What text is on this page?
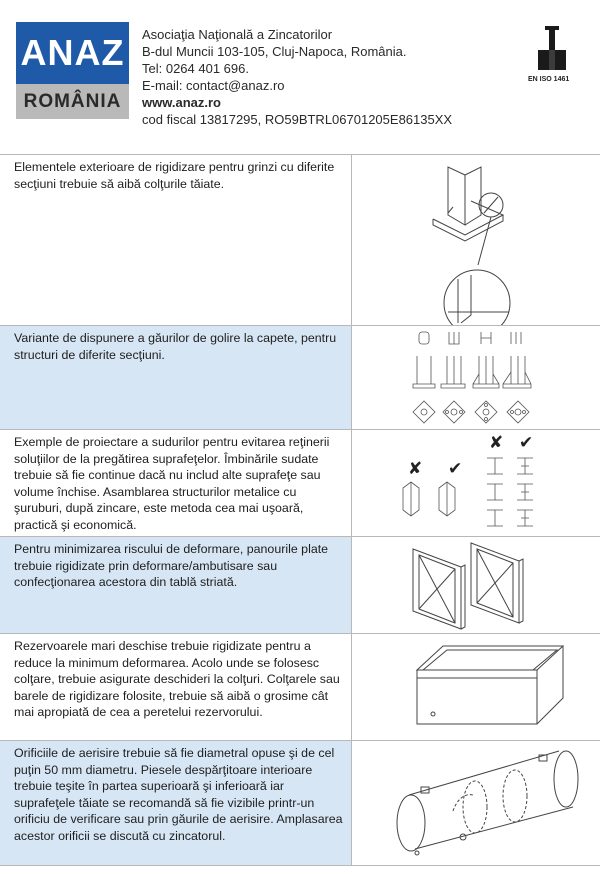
ANAZ
ROMÂNIA
Asociaţia Naţională a Zincatorilor
B-dul Muncii 103-105, Cluj-Napoca, România.
Tel: 0264 401 696.
E-mail: contact@anaz.ro
www.anaz.ro
cod fiscal 13817295, RO59BTRL06701205E86135XX
EN ISO 1461

Elementele exterioare de rigidizare pentru grinzi cu diferite secţiuni trebuie să aibă colţurile tăiate.

Variante de dispunere a găurilor de golire la capete, pentru structuri de diferite secţiuni.

Exemple de proiectare a sudurilor pentru evitarea reţinerii soluţiilor de la pregătirea suprafeţelor. Îmbinările sudate trebuie să fie continue dacă nu includ alte suprafeţe sau volume închise. Asamblarea structurilor metalice cu şuruburi, după zincare, este metoda cea mai uşoară, practică şi economică.

✘ ✔
✘ ✔

Pentru minimizarea riscului de deformare, panourile plate trebuie rigidizate prin deformare/ambutisare sau confecţionarea acestora din tablă striată.

Rezervoarele mari deschise trebuie rigidizate pentru a reduce la minimum deformarea. Acolo unde se folosesc colţare, trebuie asigurate deschideri la colţuri. Colţarele sau barele de rigidizare folosite, trebuie să aibă o grosime cât mai apropiată de cea a peretelui rezervorului.

Orificiile de aerisire trebuie să fie diametral opuse şi de cel puţin 50 mm diametru. Piesele despărţitoare interioare trebuie teşite în partea superioară şi inferioară iar suprafeţele tăiate se recomandă să fie vizibile printr-un orificiu de verificare sau prin găurile de aerisire. Amplasarea acestor orificii se discută cu zincatorul.
